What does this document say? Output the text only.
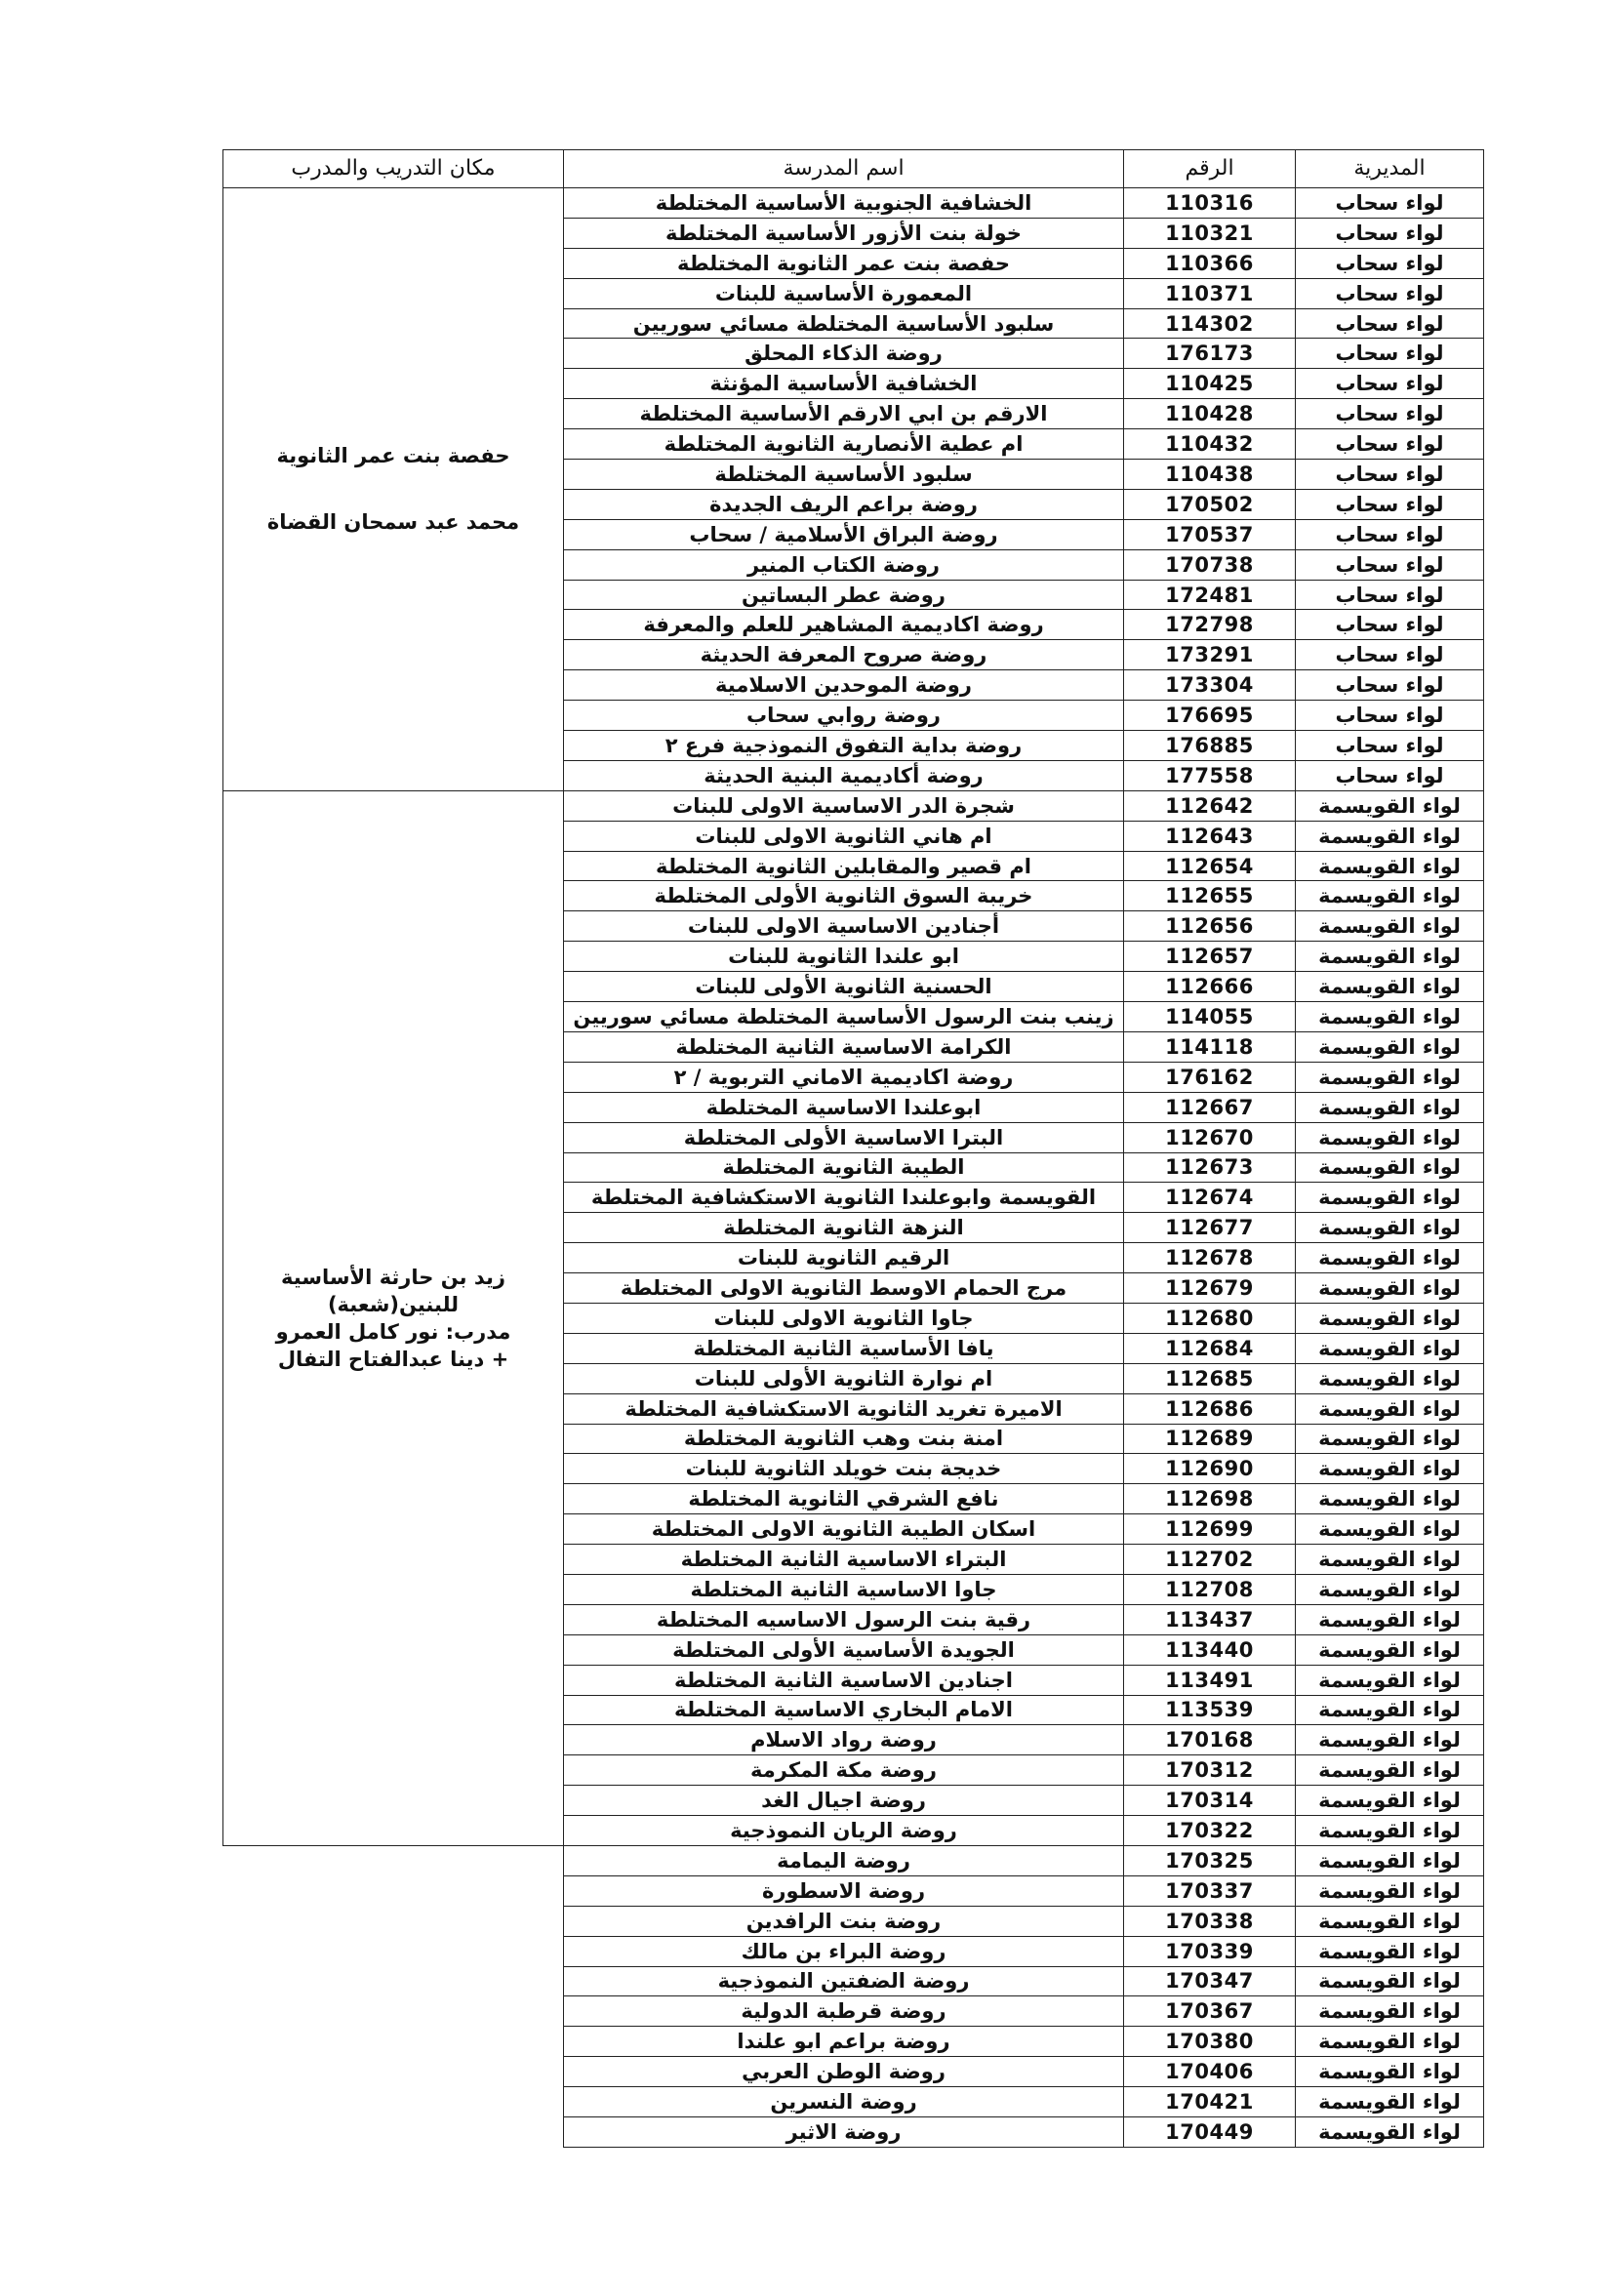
المديرية	الرقم	اسم المدرسة	مكان التدريب والمدرب
لواء سحاب	110316	الخشافية الجنوبية الأساسية المختلطة	حفصة بنت عمر الثانوية
محمد عبد سمحان القضاة

لواء سحاب	110321	خولة بنت الأزور الأساسية المختلطة	
لواء سحاب	110366	حفصة بنت عمر الثانوية المختلطة	
لواء سحاب	110371	المعمورة الأساسية للبنات	
لواء سحاب	114302	سلبود الأساسية المختلطة مسائي سوريين	
لواء سحاب	176173	روضة الذكاء المحلق	
لواء سحاب	110425	الخشافية الأساسية المؤنثة	
لواء سحاب	110428	الارقم بن ابي الارقم الأساسية المختلطة	
لواء سحاب	110432	ام عطية الأنصارية الثانوية المختلطة	
لواء سحاب	110438	سلبود الأساسية المختلطة	
لواء سحاب	170502	روضة براعم الريف الجديدة	
لواء سحاب	170537	روضة البراق الأسلامية / سحاب	
لواء سحاب	170738	روضة الكتاب المنير	
لواء سحاب	172481	روضة عطر البساتين	
لواء سحاب	172798	روضة اكاديمية المشاهير للعلم والمعرفة	
لواء سحاب	173291	روضة صروح المعرفة الحديثة	
لواء سحاب	173304	روضة الموحدين الاسلامية	
لواء سحاب	176695	روضة روابي سحاب	
لواء سحاب	176885	روضة بداية التفوق النموذجية فرع ٢	
لواء سحاب	177558	روضة أكاديمية البنية الحديثة	
لواء القويسمة	112642	شجرة الدر الاساسية الاولى للبنات	زيد بن حارثة الأساسية
للبنين(شعبة)
مدرب: نور كامل العمرو
+ دينا عبدالفتاح التفال

لواء القويسمة	112643	ام هاني الثانوية الاولى للبنات	
لواء القويسمة	112654	ام قصير والمقابلين الثانوية المختلطة	
لواء القويسمة	112655	خريبة السوق الثانوية الأولى المختلطة	
لواء القويسمة	112656	أجنادين الاساسية الاولى للبنات	
لواء القويسمة	112657	ابو علندا الثانوية للبنات	
لواء القويسمة	112666	الحسنية الثانوية الأولى للبنات	
لواء القويسمة	114055	زينب بنت الرسول الأساسية المختلطة مسائي سوريين	
لواء القويسمة	114118	الكرامة الاساسية الثانية المختلطة	
لواء القويسمة	176162	روضة اكاديمية الاماني التربوية / ٢	
لواء القويسمة	112667	ابوعلندا الاساسية المختلطة	
لواء القويسمة	112670	البترا الاساسية الأولى المختلطة	
لواء القويسمة	112673	الطيبة الثانوية المختلطة	
لواء القويسمة	112674	القويسمة وابوعلندا الثانوية الاستكشافية المختلطة	
لواء القويسمة	112677	النزهة الثانوية المختلطة	
لواء القويسمة	112678	الرقيم الثانوية للبنات	
لواء القويسمة	112679	مرج الحمام الاوسط الثانوية الاولى المختلطة	
لواء القويسمة	112680	جاوا الثانوية الاولى للبنات	
لواء القويسمة	112684	يافا الأساسية الثانية المختلطة	
لواء القويسمة	112685	ام نوارة الثانوية الأولى للبنات	
لواء القويسمة	112686	الاميرة تغريد الثانوية الاستكشافية المختلطة	
لواء القويسمة	112689	امنة بنت وهب الثانوية المختلطة	
لواء القويسمة	112690	خديجة بنت خويلد الثانوية للبنات	
لواء القويسمة	112698	نافع الشرقي الثانوية المختلطة	
لواء القويسمة	112699	اسكان الطيبة الثانوية الاولى المختلطة	
لواء القويسمة	112702	البتراء الاساسية الثانية المختلطة	
لواء القويسمة	112708	جاوا الاساسية الثانية المختلطة	
لواء القويسمة	113437	رقية بنت الرسول الاساسيه المختلطة	
لواء القويسمة	113440	الجويدة الأساسية الأولى المختلطة	
لواء القويسمة	113491	اجنادين الاساسية الثانية المختلطة	
لواء القويسمة	113539	الامام البخاري الاساسية المختلطة	
لواء القويسمة	170168	روضة رواد الاسلام	
لواء القويسمة	170312	روضة مكة المكرمة	
لواء القويسمة	170314	روضة اجيال الغد	
لواء القويسمة	170322	روضة الريان النموذجية	
لواء القويسمة	170325	روضة اليمامة	
لواء القويسمة	170337	روضة الاسطورة	
لواء القويسمة	170338	روضة بنت الرافدين	
لواء القويسمة	170339	روضة البراء بن مالك	
لواء القويسمة	170347	روضة الضفتين النموذجية	
لواء القويسمة	170367	روضة قرطبة الدولية	
لواء القويسمة	170380	روضة براعم ابو علندا	
لواء القويسمة	170406	روضة الوطن العربي	
لواء القويسمة	170421	روضة النسرين	
لواء القويسمة	170449	روضة الاثير	
